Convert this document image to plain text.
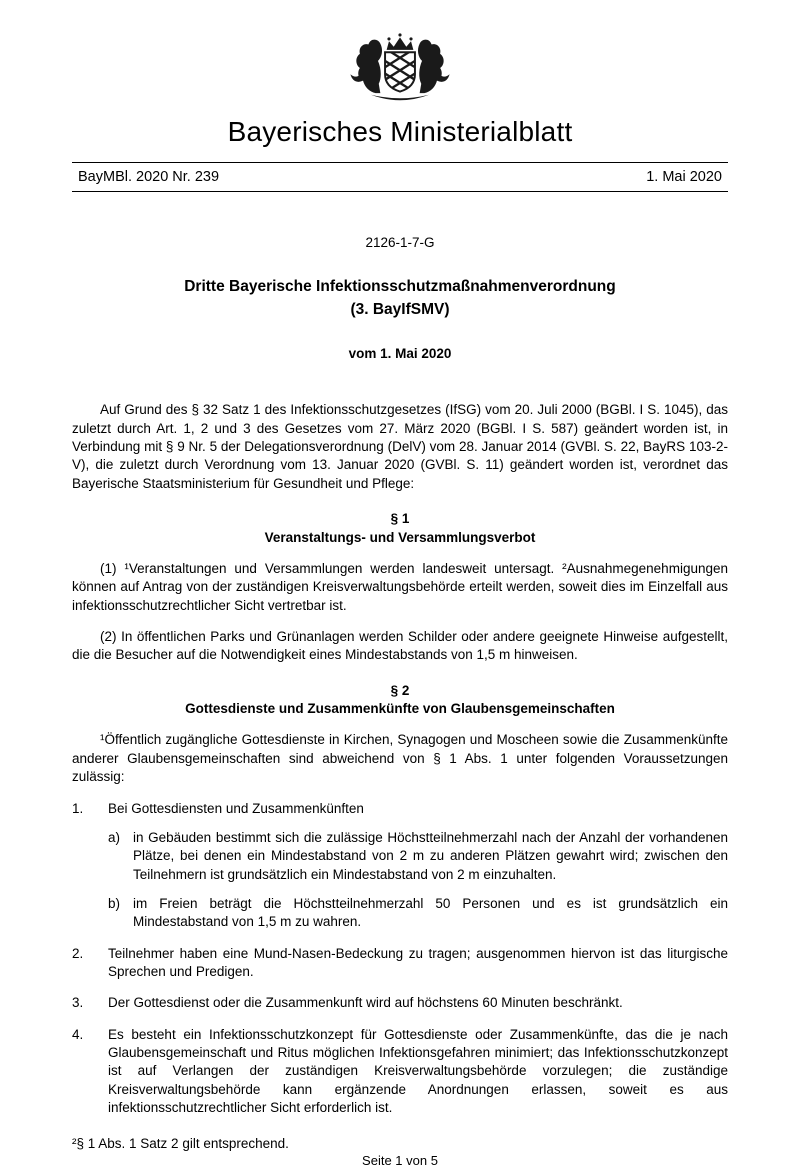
Bayerisches Ministerialblatt
BayMBl. 2020 Nr. 239	1. Mai 2020

2126-1-7-G

Dritte Bayerische Infektionsschutzmaßnahmenverordnung
(3. BayIfSMV)

vom 1. Mai 2020

Auf Grund des § 32 Satz 1 des Infektionsschutzgesetzes (IfSG) vom 20. Juli 2000 (BGBl. I S. 1045), das zuletzt durch Art. 1, 2 und 3 des Gesetzes vom 27. März 2020 (BGBl. I S. 587) geändert worden ist, in Verbindung mit § 9 Nr. 5 der Delegationsverordnung (DelV) vom 28. Januar 2014 (GVBl. S. 22, BayRS 103-2-V), die zuletzt durch Verordnung vom 13. Januar 2020 (GVBl. S. 11) geändert worden ist, verordnet das Bayerische Staatsministerium für Gesundheit und Pflege:

§ 1
Veranstaltungs- und Versammlungsverbot

(1) ¹Veranstaltungen und Versammlungen werden landesweit untersagt. ²Ausnahmegenehmigungen können auf Antrag von der zuständigen Kreisverwaltungsbehörde erteilt werden, soweit dies im Einzelfall aus infektionsschutzrechtlicher Sicht vertretbar ist.

(2) In öffentlichen Parks und Grünanlagen werden Schilder oder andere geeignete Hinweise aufgestellt, die die Besucher auf die Notwendigkeit eines Mindestabstands von 1,5 m hinweisen.

§ 2
Gottesdienste und Zusammenkünfte von Glaubensgemeinschaften

¹Öffentlich zugängliche Gottesdienste in Kirchen, Synagogen und Moscheen sowie die Zusammenkünfte anderer Glaubensgemeinschaften sind abweichend von § 1 Abs. 1 unter folgenden Voraussetzungen zulässig:

1.	Bei Gottesdiensten und Zusammenkünften
a) in Gebäuden bestimmt sich die zulässige Höchstteilnehmerzahl nach der Anzahl der vorhandenen Plätze, bei denen ein Mindestabstand von 2 m zu anderen Plätzen gewahrt wird; zwischen den Teilnehmern ist grundsätzlich ein Mindestabstand von 2 m einzuhalten.
b) im Freien beträgt die Höchstteilnehmerzahl 50 Personen und es ist grundsätzlich ein Mindestabstand von 1,5 m zu wahren.
2.	Teilnehmer haben eine Mund-Nasen-Bedeckung zu tragen; ausgenommen hiervon ist das liturgische Sprechen und Predigen.
3.	Der Gottesdienst oder die Zusammenkunft wird auf höchstens 60 Minuten beschränkt.
4.	Es besteht ein Infektionsschutzkonzept für Gottesdienste oder Zusammenkünfte, das die je nach Glaubensgemeinschaft und Ritus möglichen Infektionsgefahren minimiert; das Infektionsschutzkonzept ist auf Verlangen der zuständigen Kreisverwaltungsbehörde vorzulegen; die zuständige Kreisverwaltungsbehörde kann ergänzende Anordnungen erlassen, soweit es aus infektionsschutzrechtlicher Sicht erforderlich ist.

²§ 1 Abs. 1 Satz 2 gilt entsprechend.

Seite 1 von 5
